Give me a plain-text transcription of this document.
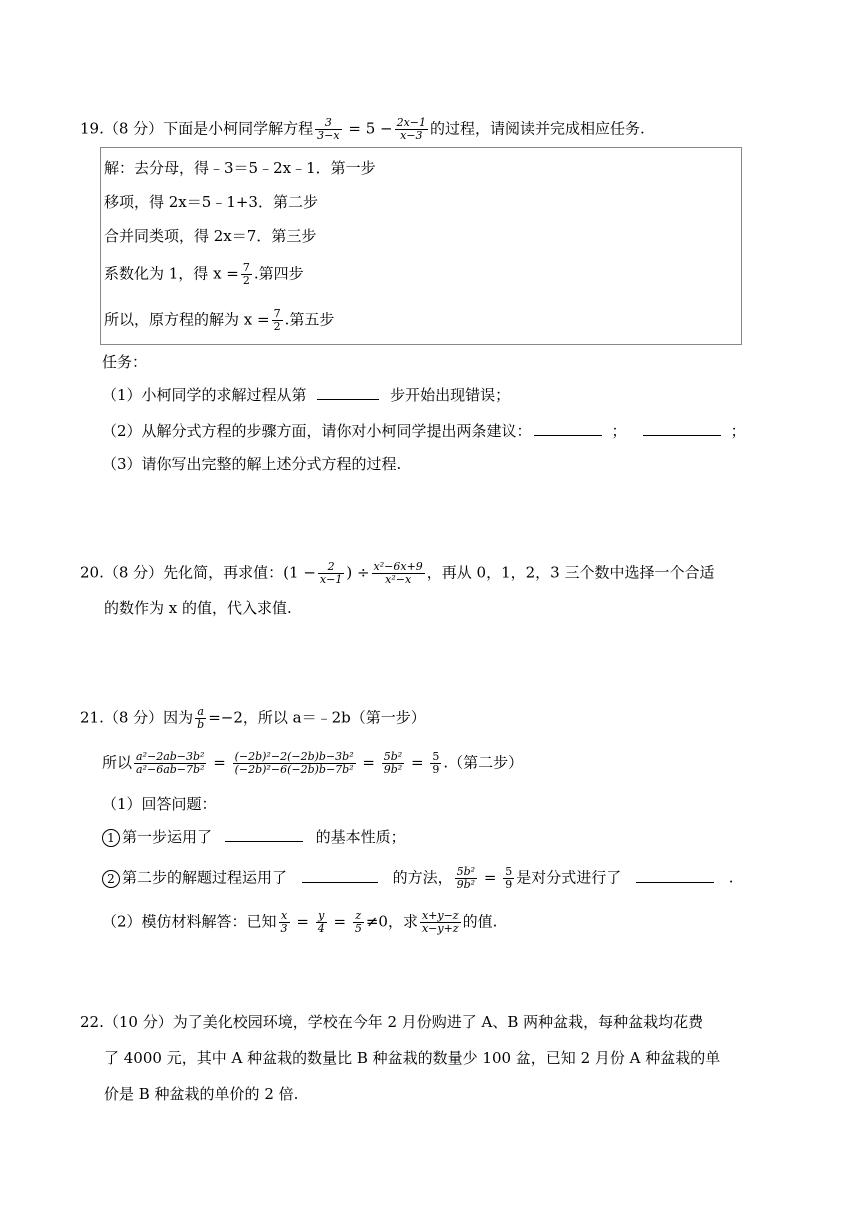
19.（8 分）下面是小柯同学解方程 $\frac{3}{3-x} = 5 - \frac{2x-1}{x-3}$ 的过程，请阅读并完成相应任务.
解：去分母，得﹣3＝5﹣2x﹣1．第一步
移项，得 2x＝5﹣1+3．第二步
合并同类项，得 2x＝7．第三步
系数化为 1，得 $x = \frac{7}{2}$ .第四步
所以，原方程的解为 $x = \frac{7}{2}$ .第五步
任务：
（1）小柯同学的求解过程从第	步开始出现错误；
（2）从解分式方程的步骤方面，请你对小柯同学提出两条建议：	；	；
（3）请你写出完整的解上述分式方程的过程.
20.（8 分）先化简，再求值：($1 - \frac{2}{x-1}$ ) ÷ $\frac{\text{x²−6x+9}}{\text{x²−x}}$ ，再从 0，1，2，3 三个数中选择一个合适
的数作为 x 的值，代入求值.
21.（8 分）因为 $\frac{a}{b} =-2$，所以 a＝﹣2b（第一步）
所以 $\frac{\text{a²−2ab−3b²}}{\text{a²−6ab−7b²}} = \frac{\text{(−2b)²−2(−2b)b−3b²}}{\text{(−2b)²−6(−2b)b−7b²}} = \frac{\text{5b²}}{\text{9b²}} = \frac{5}{9}$ .（第二步）
（1）回答问题：
1 第一步运用了	的基本性质；
2 第二步的解题过程运用了	的方法， $\frac{\text{5b²}}{\text{9b²}} = \frac{5}{9}$ 是对分式进行了	.
（2）模仿材料解答：已知 $\frac{x}{3} = \frac{y}{4} = \frac{z}{5} \ne 0$，求 $\frac{x+y-z}{x-y+z}$ 的值.
22.（10 分）为了美化校园环境，学校在今年 2 月份购进了 A、B 两种盆栽，每种盆栽均花费
了 4000 元，其中 A 种盆栽的数量比 B 种盆栽的数量少 100 盆，已知 2 月份 A 种盆栽的单
价是 B 种盆栽的单价的 2 倍.
